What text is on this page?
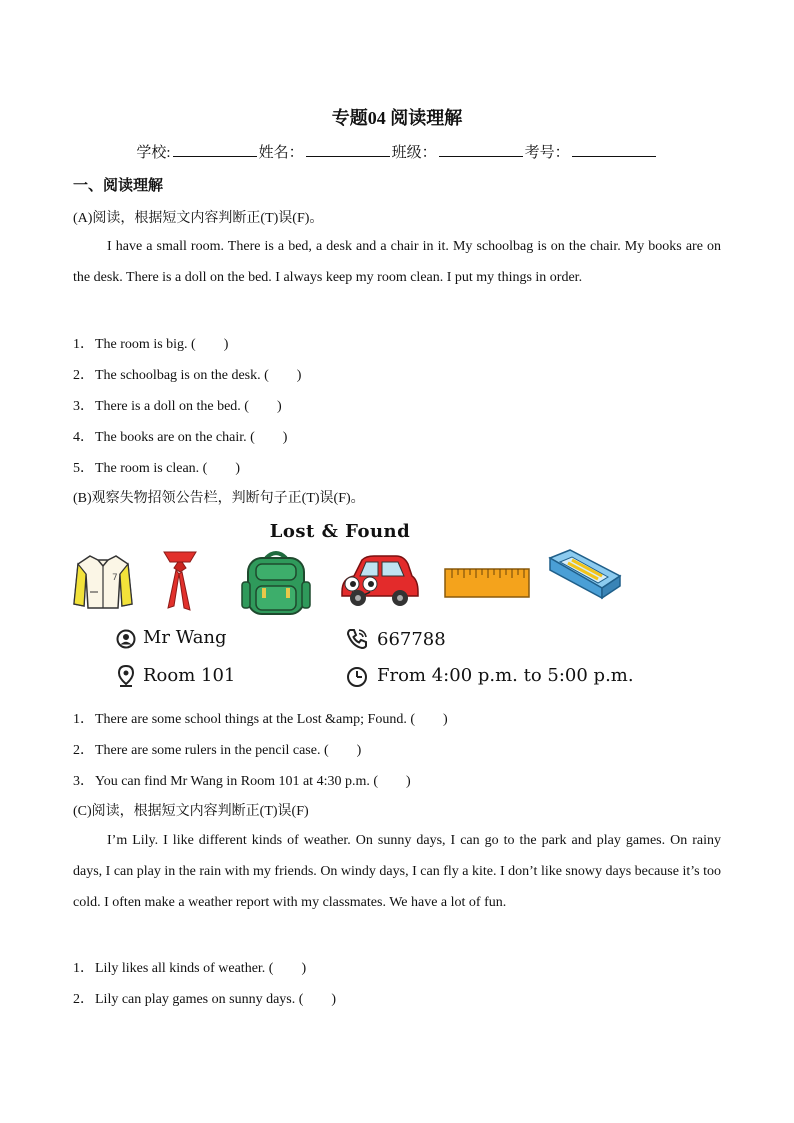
专题04 阅读理解
学校:	姓名：	班级：	考号：
一、阅读理解
(A)阅读，根据短文内容判断正(T)误(F)。

I have a small room. There is a bed, a desk and a chair in it. My schoolbag is on the chair. My books are on the desk. There is a doll on the bed. I always keep my room clean. I put my things in order.

1．The room is big. (　　)
2．The schoolbag is on the desk. (　　)
3．There is a doll on the bed. (　　)
4．The books are on the chair. (　　)
5．The room is clean. (　　)
(B)观察失物招领公告栏，判断句子正(T)误(F)。
Lost & Found
7
Mr Wang	667788
Room 101	From 4:00 p.m. to 5:00 p.m.
1．There are some school things at the Lost &amp; Found. (　　)
2．There are some rulers in the pencil case. (　　)
3．You can find Mr Wang in Room 101 at 4:30 p.m. (　　)
(C)阅读，根据短文内容判断正(T)误(F)

I’m Lily. I like different kinds of weather. On sunny days, I can go to the park and play games. On rainy days, I can play in the rain with my friends. On windy days, I can fly a kite. I don’t like snowy days because it’s too cold. I often make a weather report with my classmates. We have a lot of fun.

1．Lily likes all kinds of weather. (　　)
2．Lily can play games on sunny days. (　　)
